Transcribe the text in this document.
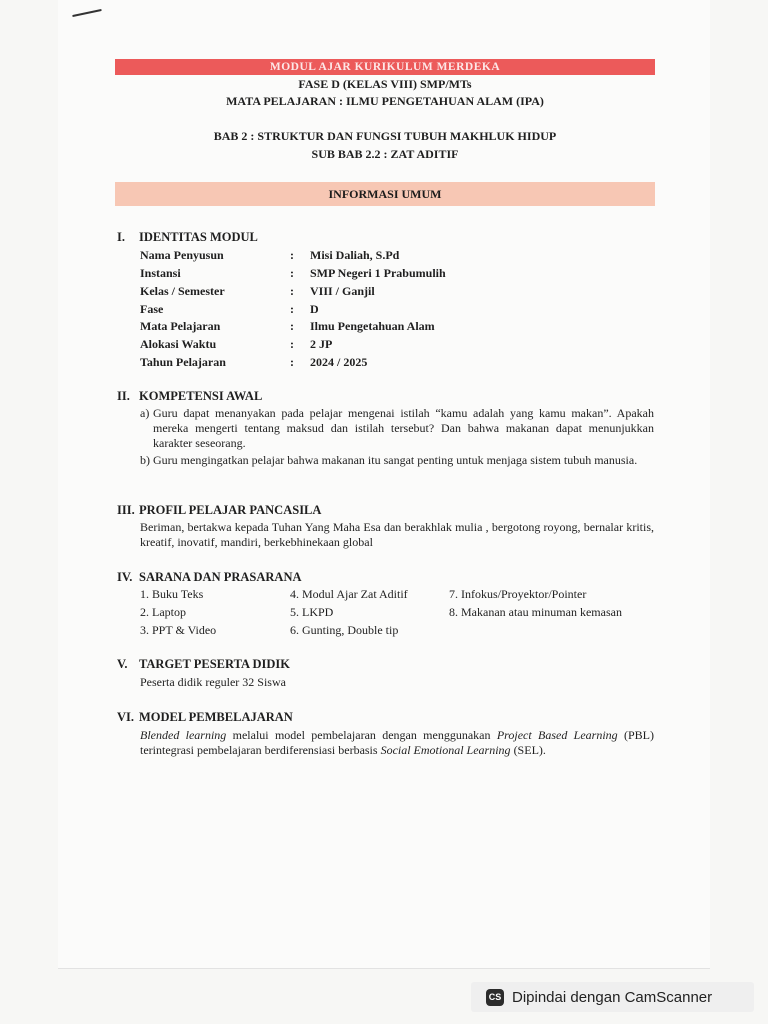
MODUL AJAR KURIKULUM MERDEKA
FASE D (KELAS VIII) SMP/MTs
MATA PELAJARAN : ILMU PENGETAHUAN ALAM (IPA)
BAB 2 : STRUKTUR DAN FUNGSI TUBUH MAKHLUK HIDUP
SUB BAB 2.2 : ZAT ADITIF
INFORMASI UMUM
I. IDENTITAS MODUL
Nama Penyusun	:	Misi Daliah, S.Pd
Instansi	:	SMP Negeri 1 Prabumulih
Kelas / Semester	:	VIII / Ganjil
Fase	:	D
Mata Pelajaran	:	Ilmu Pengetahuan Alam
Alokasi Waktu	:	2 JP
Tahun Pelajaran	:	2024 / 2025
II. KOMPETENSI AWAL
a) Guru dapat menanyakan pada pelajar mengenai istilah “kamu adalah yang kamu makan”. Apakah mereka mengerti tentang maksud dan istilah tersebut? Dan bahwa makanan dapat menunjukkan karakter seseorang.
b) Guru mengingatkan pelajar bahwa makanan itu sangat penting untuk menjaga sistem tubuh manusia.
III. PROFIL PELAJAR PANCASILA
Beriman, bertakwa kepada Tuhan Yang Maha Esa dan berakhlak mulia , bergotong royong, bernalar kritis, kreatif, inovatif, mandiri, berkebhinekaan global
IV. SARANA DAN PRASARANA
1. Buku Teks
2. Laptop
3. PPT & Video
4. Modul Ajar Zat Aditif
5. LKPD
6. Gunting, Double tip
7. Infokus/Proyektor/Pointer
8. Makanan atau minuman kemasan
V. TARGET PESERTA DIDIK
Peserta didik reguler 32 Siswa
VI. MODEL PEMBELAJARAN
Blended learning melalui model pembelajaran dengan menggunakan Project Based Learning (PBL) terintegrasi pembelajaran berdiferensiasi berbasis Social Emotional Learning (SEL).
CS Dipindai dengan CamScanner
